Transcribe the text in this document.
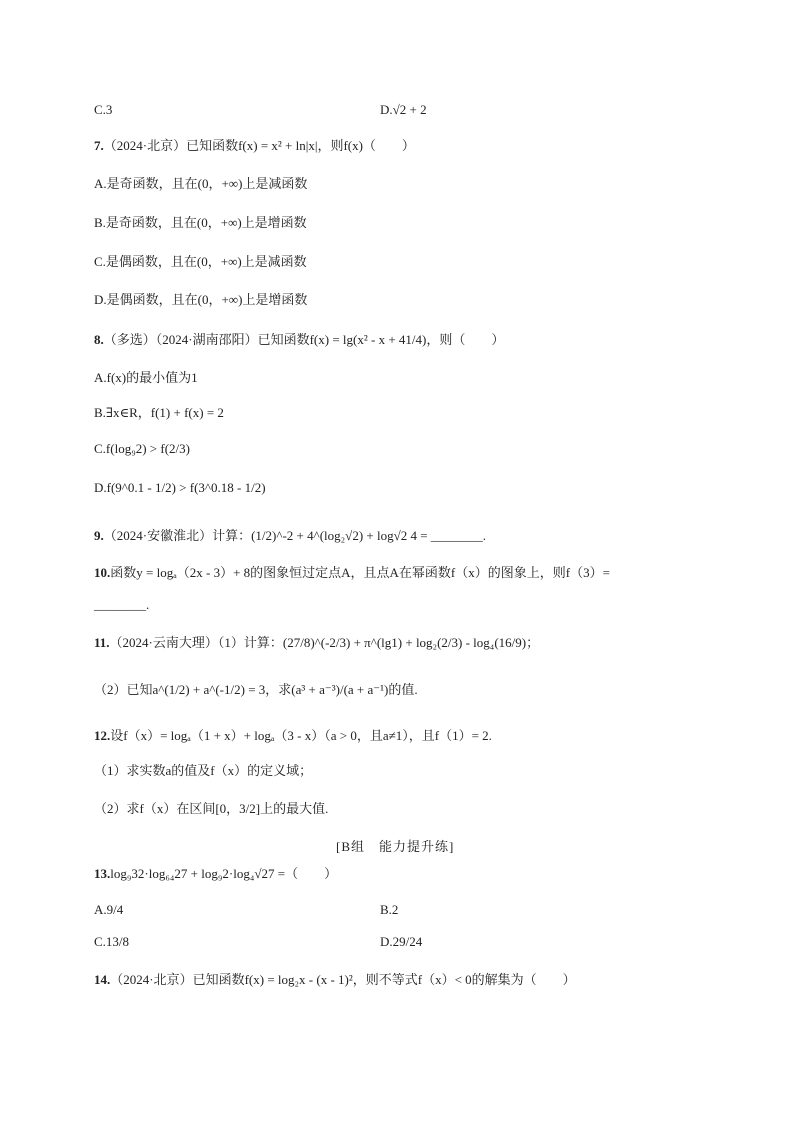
C.3	D.√2 + 2
7.（2024·北京）已知函数f(x) = x² + ln|x|，则f(x)（　　）
A.是奇函数，且在(0，+∞)上是减函数
B.是奇函数，且在(0，+∞)上是增函数
C.是偶函数，且在(0，+∞)上是减函数
D.是偶函数，且在(0，+∞)上是增函数
8.（多选）（2024·湖南邵阳）已知函数f(x) = lg(x² - x + 41/4)，则（　　）
A.f(x)的最小值为1
B.∃x∈R，f(1) + f(x) = 2
C.f(log₉2) > f(2/3)
D.f(9^0.1 - 1/2) > f(3^0.18 - 1/2)
9.（2024·安徽淮北）计算：(1/2)^-2 + 4^(log₂√2) + log√2 4 = ________.
10.函数y = logₐ（2x - 3）+ 8的图象恒过定点A，且点A在幂函数f（x）的图象上，则f（3）=
________.
11.（2024·云南大理）（1）计算：(27/8)^(-2/3) + π^(lg1) + log₂(2/3) - log₄(16/9)；
（2）已知a^(1/2) + a^(-1/2) = 3，求(a³ + a⁻³)/(a + a⁻¹)的值.
12.设f（x）= logₐ（1 + x）+ logₐ（3 - x）（a > 0，且a≠1），且f（1）= 2.
（1）求实数a的值及f（x）的定义域；
（2）求f（x）在区间[0，3/2]上的最大值.
[B组　能力提升练]
13.log₉32·log₆₄27 + log₉2·log₄√27 =（　　）
A.9/4	B.2
C.13/8	D.29/24
14.（2024·北京）已知函数f(x) = log₂x - (x - 1)²，则不等式f（x）< 0的解集为（　　）
